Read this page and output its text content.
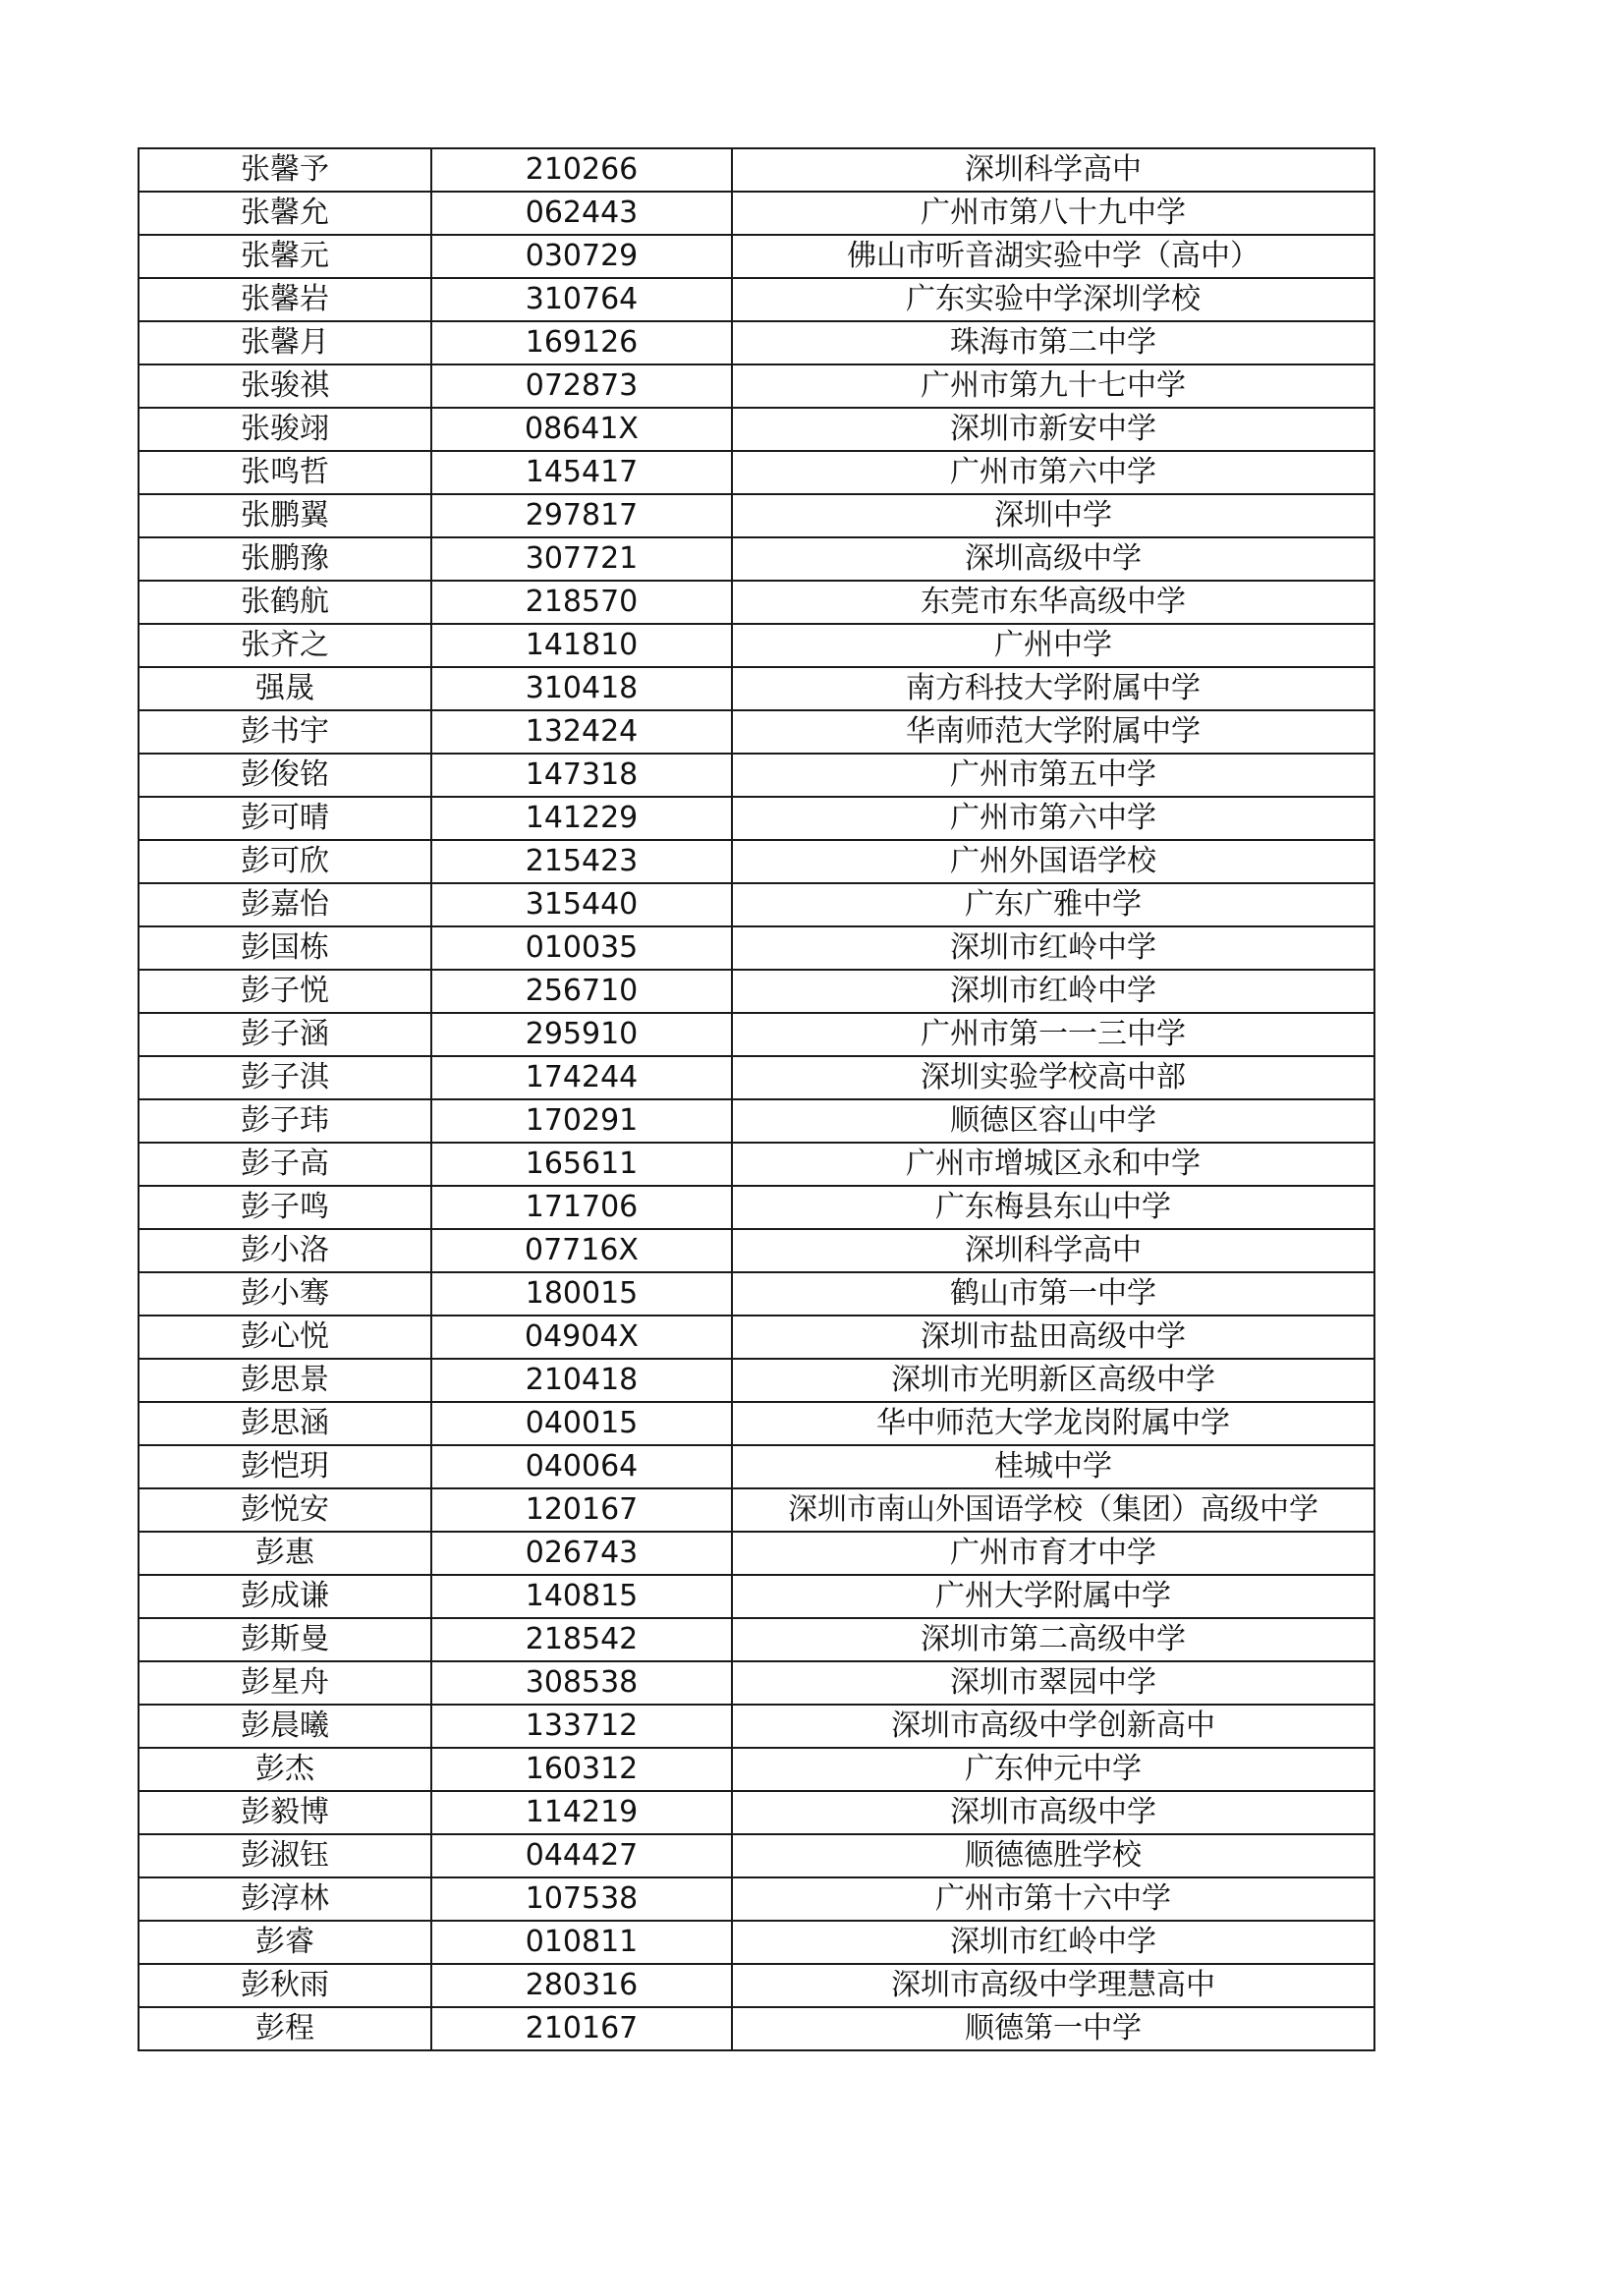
张馨予	210266	深圳科学高中
张馨允	062443	广州市第八十九中学
张馨元	030729	佛山市听音湖实验中学（高中）
张馨岩	310764	广东实验中学深圳学校
张馨月	169126	珠海市第二中学
张骏祺	072873	广州市第九十七中学
张骏翊	08641X	深圳市新安中学
张鸣哲	145417	广州市第六中学
张鹏翼	297817	深圳中学
张鹏豫	307721	深圳高级中学
张鹤航	218570	东莞市东华高级中学
张齐之	141810	广州中学
强晟	310418	南方科技大学附属中学
彭书宇	132424	华南师范大学附属中学
彭俊铭	147318	广州市第五中学
彭可晴	141229	广州市第六中学
彭可欣	215423	广州外国语学校
彭嘉怡	315440	广东广雅中学
彭国栋	010035	深圳市红岭中学
彭子悦	256710	深圳市红岭中学
彭子涵	295910	广州市第一一三中学
彭子淇	174244	深圳实验学校高中部
彭子玮	170291	顺德区容山中学
彭子高	165611	广州市增城区永和中学
彭子鸣	171706	广东梅县东山中学
彭小洛	07716X	深圳科学高中
彭小骞	180015	鹤山市第一中学
彭心悦	04904X	深圳市盐田高级中学
彭思景	210418	深圳市光明新区高级中学
彭思涵	040015	华中师范大学龙岗附属中学
彭恺玥	040064	桂城中学
彭悦安	120167	深圳市南山外国语学校（集团）高级中学
彭惠	026743	广州市育才中学
彭成谦	140815	广州大学附属中学
彭斯曼	218542	深圳市第二高级中学
彭星舟	308538	深圳市翠园中学
彭晨曦	133712	深圳市高级中学创新高中
彭杰	160312	广东仲元中学
彭毅博	114219	深圳市高级中学
彭淑钰	044427	顺德德胜学校
彭淳林	107538	广州市第十六中学
彭睿	010811	深圳市红岭中学
彭秋雨	280316	深圳市高级中学理慧高中
彭程	210167	顺德第一中学
